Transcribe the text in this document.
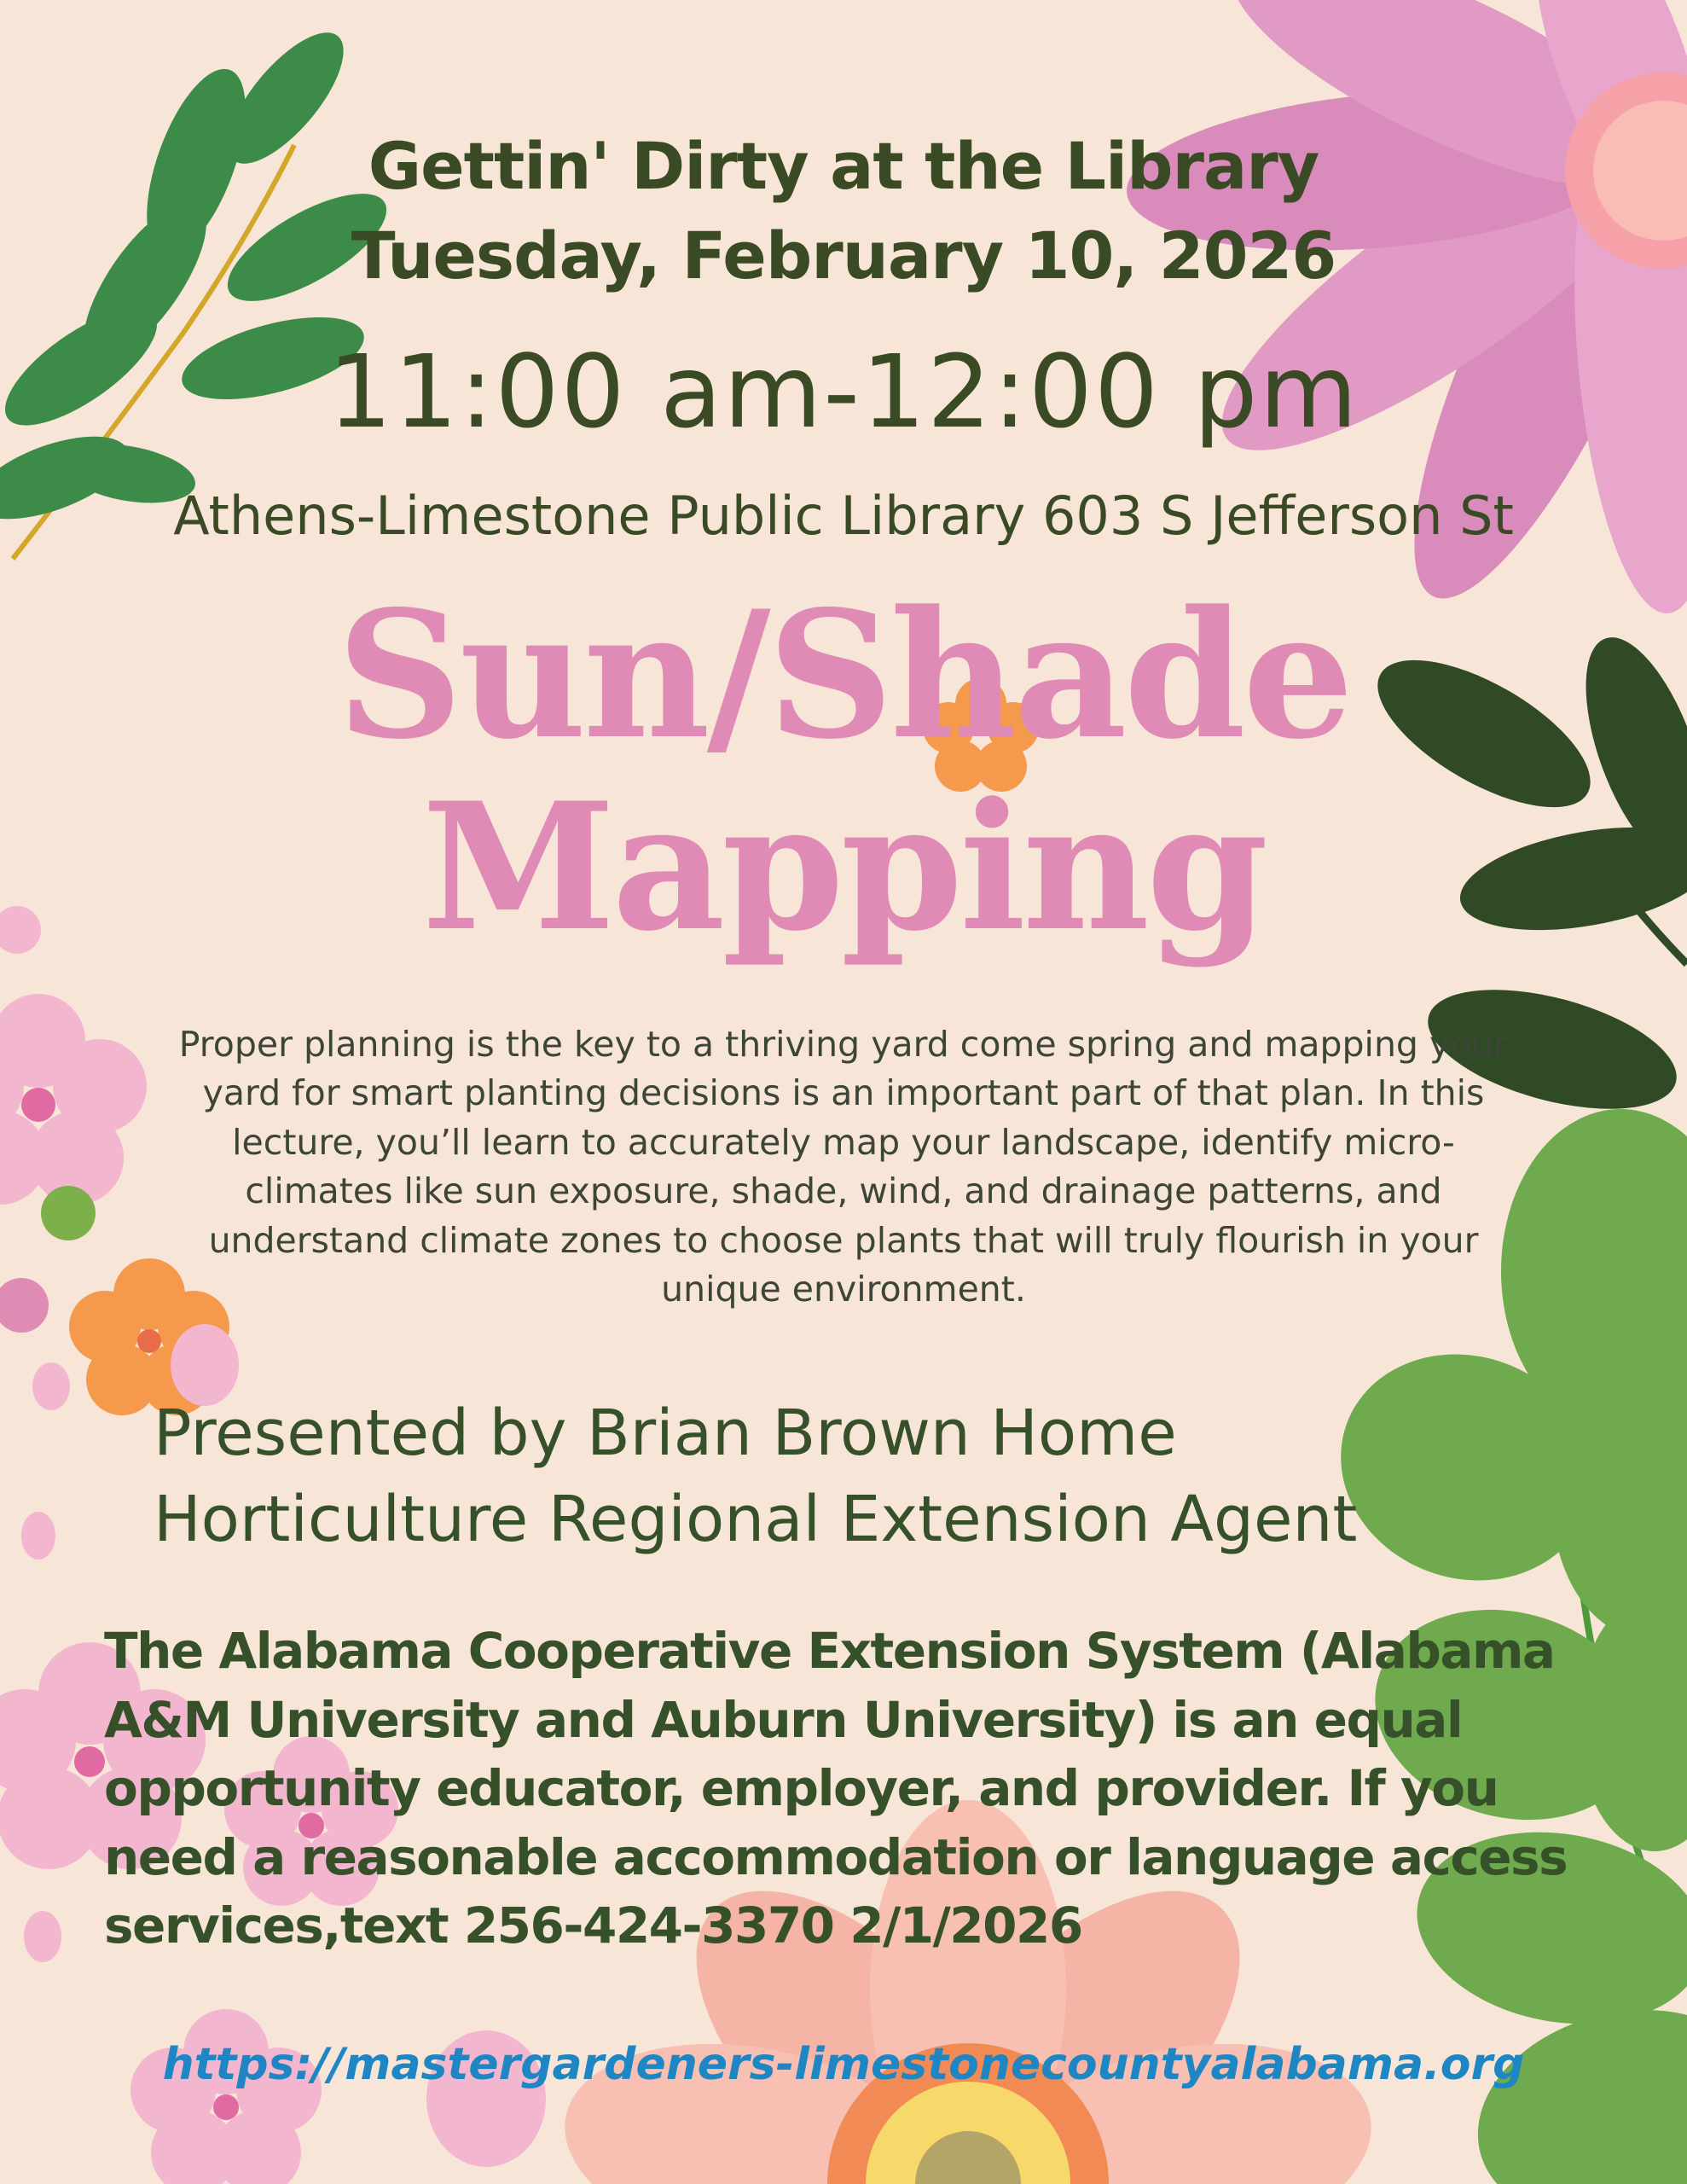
Gettin' Dirty at the Library
Tuesday, February 10, 2026
11:00 am-12:00 pm
Athens-Limestone Public Library 603 S Jefferson St
Sun/Shade
Mapping

Proper planning is the key to a thriving yard come spring and mapping your yard for smart planting decisions is an important part of that plan. In this lecture, you’ll learn to accurately map your landscape, identify micro-climates like sun exposure, shade, wind, and drainage patterns, and understand climate zones to choose plants that will truly flourish in your unique environment.

Presented by Brian Brown Home
Horticulture Regional Extension Agent
The Alabama Cooperative Extension System (Alabama A&M University and Auburn University) is an equal opportunity educator, employer, and provider. If you need a reasonable accommodation or language access services,text 256-424-3370 2/1/2026
https://mastergardeners-limestonecountyalabama.org
